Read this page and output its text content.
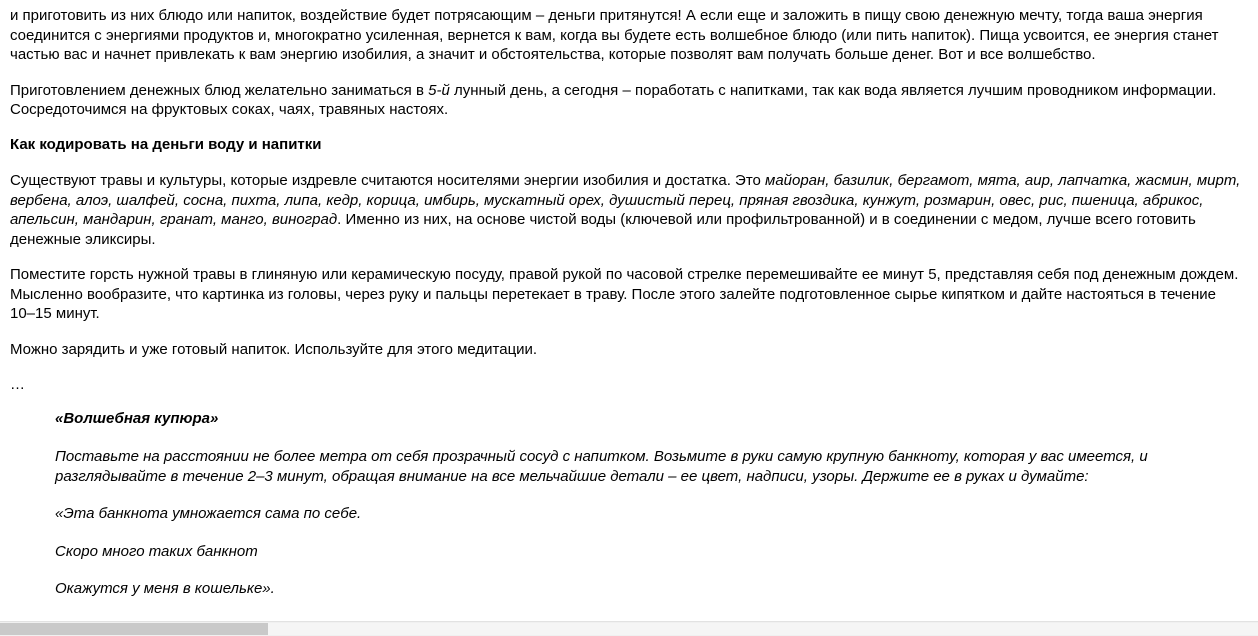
и приготовить из них блюдо или напиток, воздействие будет потрясающим – деньги притянутся! А если еще и заложить в пищу свою денежную мечту, тогда ваша энергия соединится с энергиями продуктов и, многократно усиленная, вернется к вам, когда вы будете есть волшебное блюдо (или пить напиток). Пища усвоится, ее энергия станет частью вас и начнет привлекать к вам энергию изобилия, а значит и обстоятельства, которые позволят вам получать больше денег. Вот и все волшебство.

Приготовлением денежных блюд желательно заниматься в 5-й лунный день, а сегодня – поработать с напитками, так как вода является лучшим проводником информации. Сосредоточимся на фруктовых соках, чаях, травяных настоях.

Как кодировать на деньги воду и напитки

Существуют травы и культуры, которые издревле считаются носителями энергии изобилия и достатка. Это майоран, базилик, бергамот, мята, аир, лапчатка, жасмин, мирт, вербена, алоэ, шалфей, сосна, пихта, липа, кедр, корица, имбирь, мускатный орех, душистый перец, пряная гвоздика, кунжут, розмарин, овес, рис, пшеница, абрикос, апельсин, мандарин, гранат, манго, виноград. Именно из них, на основе чистой воды (ключевой или профильтрованной) и в соединении с медом, лучше всего готовить денежные эликсиры.

Поместите горсть нужной травы в глиняную или керамическую посуду, правой рукой по часовой стрелке перемешивайте ее минут 5, представляя себя под денежным дождем. Мысленно вообразите, что картинка из головы, через руку и пальцы перетекает в траву. После этого залейте подготовленное сырье кипятком и дайте настояться в течение 10–15 минут.

Можно зарядить и уже готовый напиток. Используйте для этого медитации.

…

«Волшебная купюра»

Поставьте на расстоянии не более метра от себя прозрачный сосуд с напитком. Возьмите в руки самую крупную банкноту, которая у вас имеется, и разглядывайте в течение 2–3 минут, обращая внимание на все мельчайшие детали – ее цвет, надписи, узоры. Держите ее в руках и думайте:

«Эта банкнота умножается сама по себе.

Скоро много таких банкнот

Окажутся у меня в кошельке».
